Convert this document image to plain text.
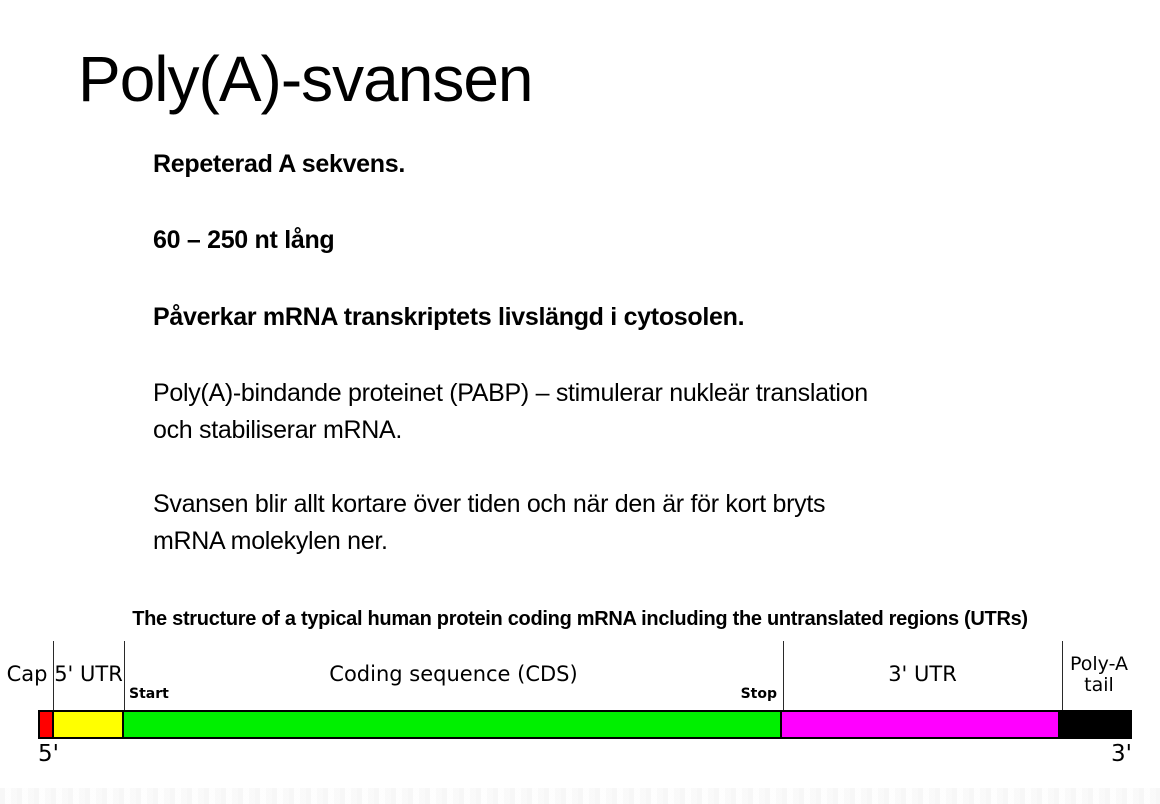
Poly(A)-svansen

Repeterad A sekvens.

60 – 250 nt lång

Påverkar mRNA transkriptets livslängd i cytosolen.

Poly(A)-bindande proteinet (PABP) – stimulerar nukleär translation
och stabiliserar mRNA.

Svansen blir allt kortare över tiden och när den är för kort bryts
mRNA molekylen ner.

The structure of a typical human protein coding mRNA including the untranslated regions (UTRs)

Cap 5' UTR	Coding sequence (CDS)	3' UTR	Poly-A
tail
Start	Stop
5'	3'
